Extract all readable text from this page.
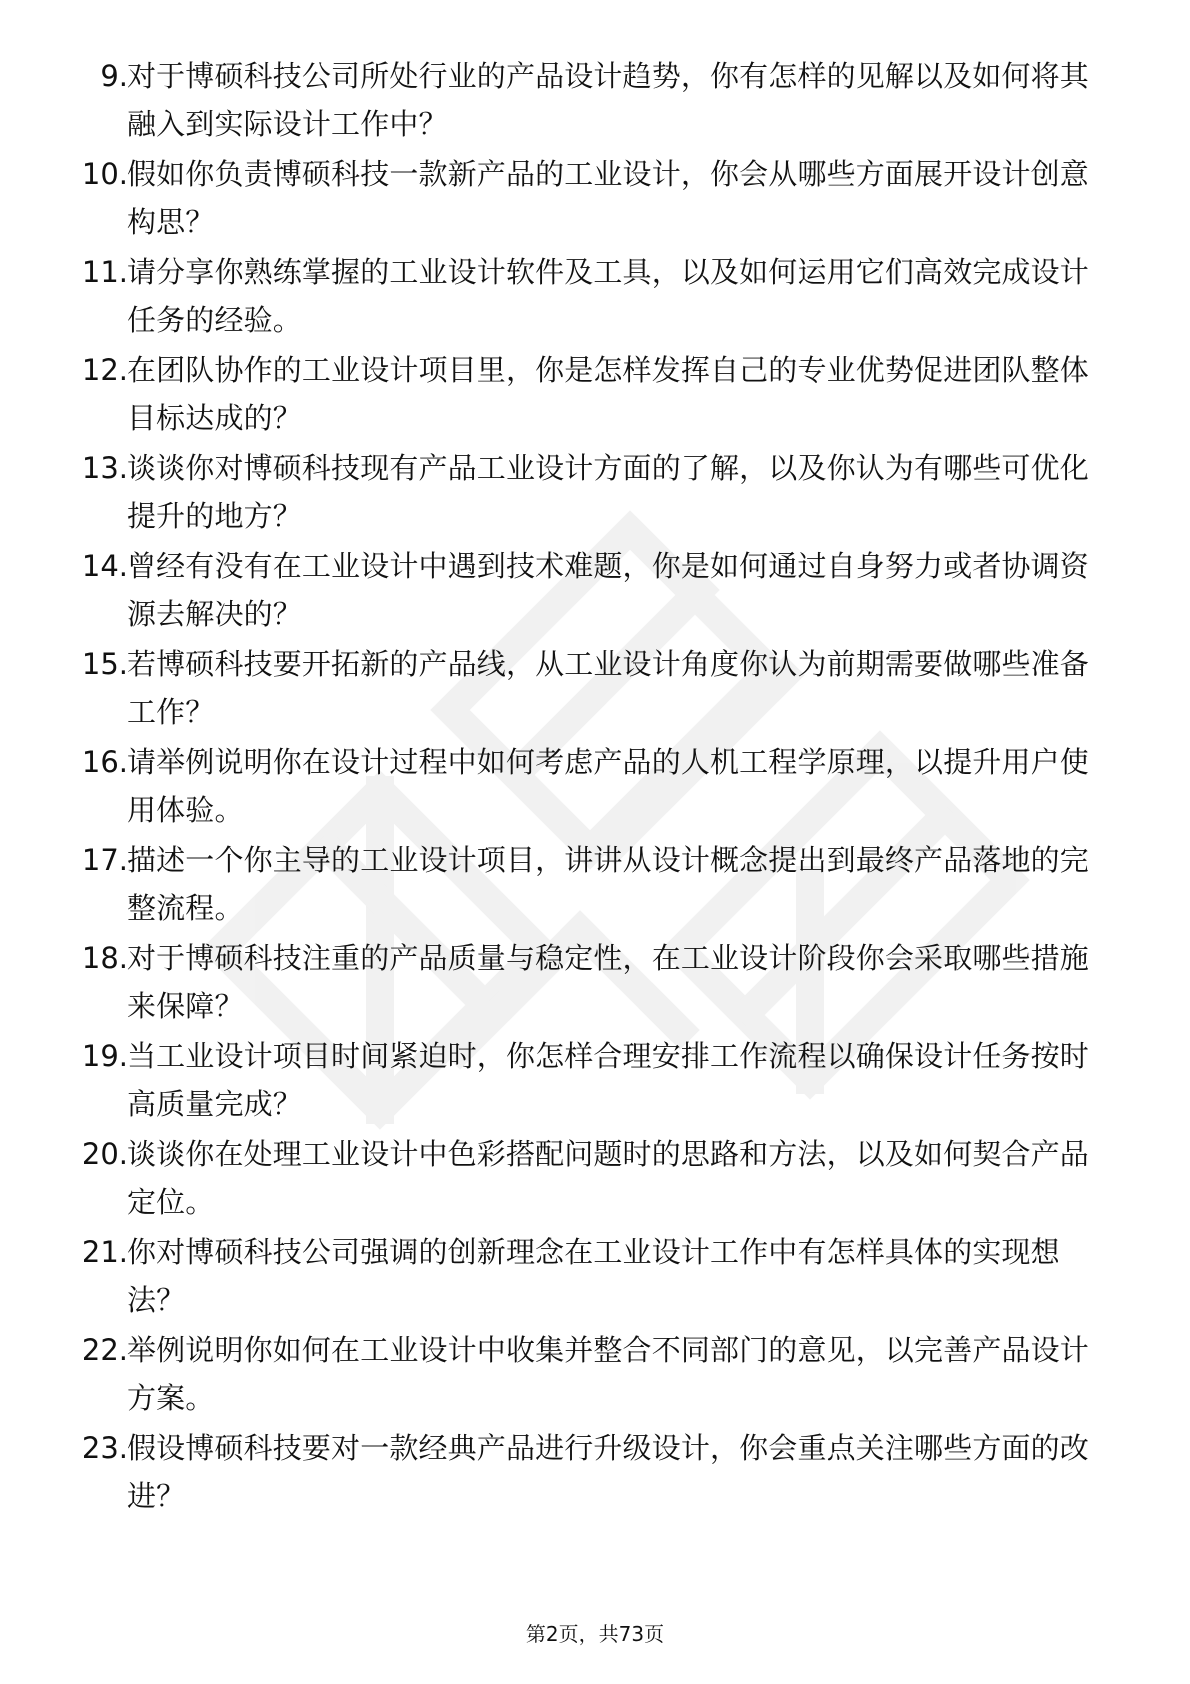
9. 对于博硕科技公司所处行业的产品设计趋势，你有怎样的见解以及如何将其融入到实际设计工作中？
10. 假如你负责博硕科技一款新产品的工业设计，你会从哪些方面展开设计创意构思？
11. 请分享你熟练掌握的工业设计软件及工具，以及如何运用它们高效完成设计任务的经验。
12. 在团队协作的工业设计项目里，你是怎样发挥自己的专业优势促进团队整体目标达成的？
13. 谈谈你对博硕科技现有产品工业设计方面的了解，以及你认为有哪些可优化提升的地方？
14. 曾经有没有在工业设计中遇到技术难题，你是如何通过自身努力或者协调资源去解决的？
15. 若博硕科技要开拓新的产品线，从工业设计角度你认为前期需要做哪些准备工作？
16. 请举例说明你在设计过程中如何考虑产品的人机工程学原理，以提升用户使用体验。
17. 描述一个你主导的工业设计项目，讲讲从设计概念提出到最终产品落地的完整流程。
18. 对于博硕科技注重的产品质量与稳定性，在工业设计阶段你会采取哪些措施来保障？
19. 当工业设计项目时间紧迫时，你怎样合理安排工作流程以确保设计任务按时高质量完成？
20. 谈谈你在处理工业设计中色彩搭配问题时的思路和方法，以及如何契合产品定位。
21. 你对博硕科技公司强调的创新理念在工业设计工作中有怎样具体的实现想法？
22. 举例说明你如何在工业设计中收集并整合不同部门的意见，以完善产品设计方案。
23. 假设博硕科技要对一款经典产品进行升级设计，你会重点关注哪些方面的改进？
第2页，共73页
